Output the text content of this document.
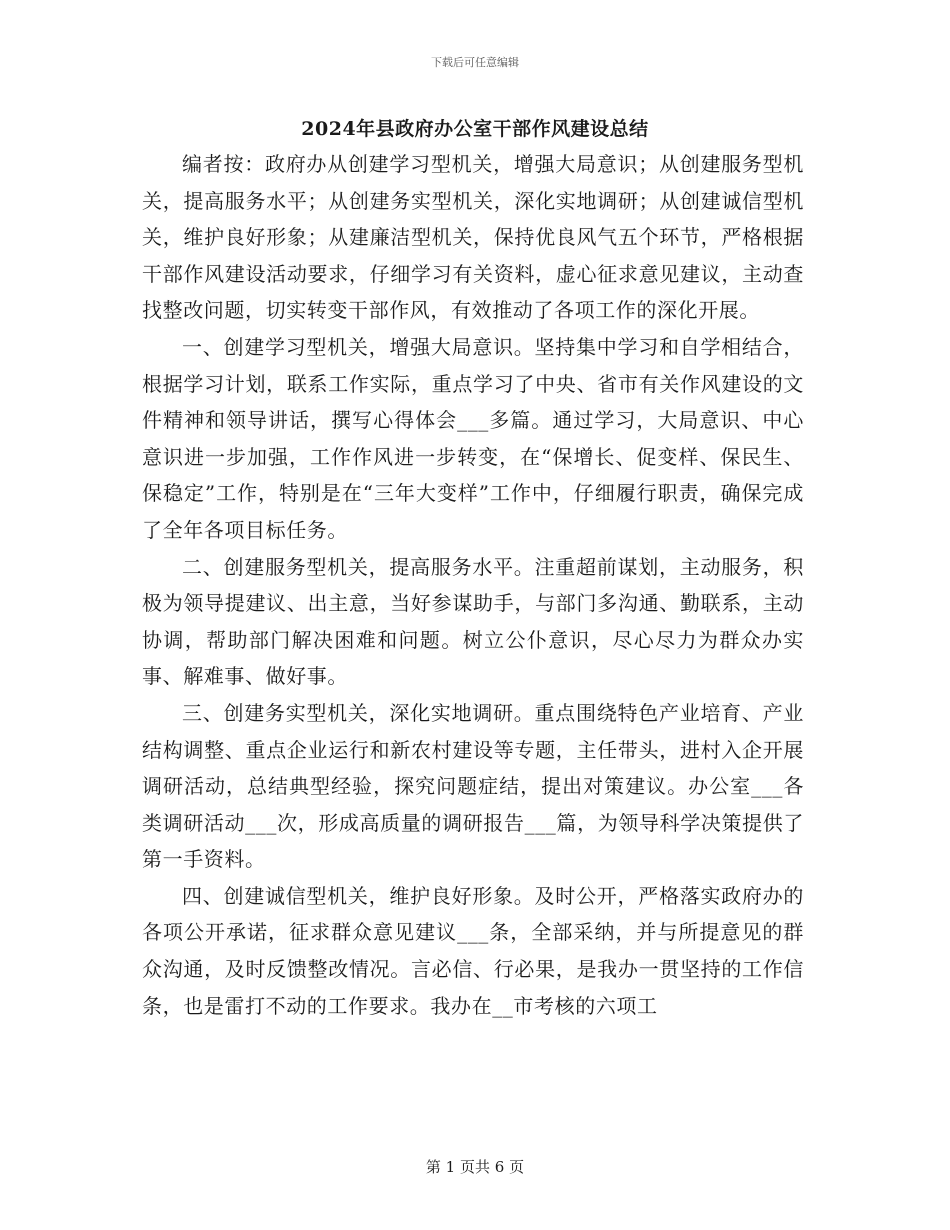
下载后可任意编辑
2024年县政府办公室干部作风建设总结

编者按：政府办从创建学习型机关，增强大局意识；从创建服务型机关，提高服务水平；从创建务实型机关，深化实地调研；从创建诚信型机关，维护良好形象；从建廉洁型机关，保持优良风气五个环节，严格根据干部作风建设活动要求，仔细学习有关资料，虚心征求意见建议，主动查找整改问题，切实转变干部作风，有效推动了各项工作的深化开展。

一、创建学习型机关，增强大局意识。坚持集中学习和自学相结合，根据学习计划，联系工作实际，重点学习了中央、省市有关作风建设的文件精神和领导讲话，撰写心得体会___多篇。通过学习，大局意识、中心意识进一步加强，工作作风进一步转变，在“保增长、促变样、保民生、保稳定”工作，特别是在“三年大变样”工作中，仔细履行职责，确保完成了全年各项目标任务。

二、创建服务型机关，提高服务水平。注重超前谋划，主动服务，积极为领导提建议、出主意，当好参谋助手，与部门多沟通、勤联系，主动协调，帮助部门解决困难和问题。树立公仆意识，尽心尽力为群众办实事、解难事、做好事。

三、创建务实型机关，深化实地调研。重点围绕特色产业培育、产业结构调整、重点企业运行和新农村建设等专题，主任带头，进村入企开展调研活动，总结典型经验，探究问题症结，提出对策建议。办公室___各类调研活动___次，形成高质量的调研报告___篇，为领导科学决策提供了第一手资料。

四、创建诚信型机关，维护良好形象。及时公开，严格落实政府办的各项公开承诺，征求群众意见建议___条，全部采纳，并与所提意见的群众沟通，及时反馈整改情况。言必信、行必果，是我办一贯坚持的工作信条，也是雷打不动的工作要求。我办在__市考核的六项工

第 1 页共 6 页
